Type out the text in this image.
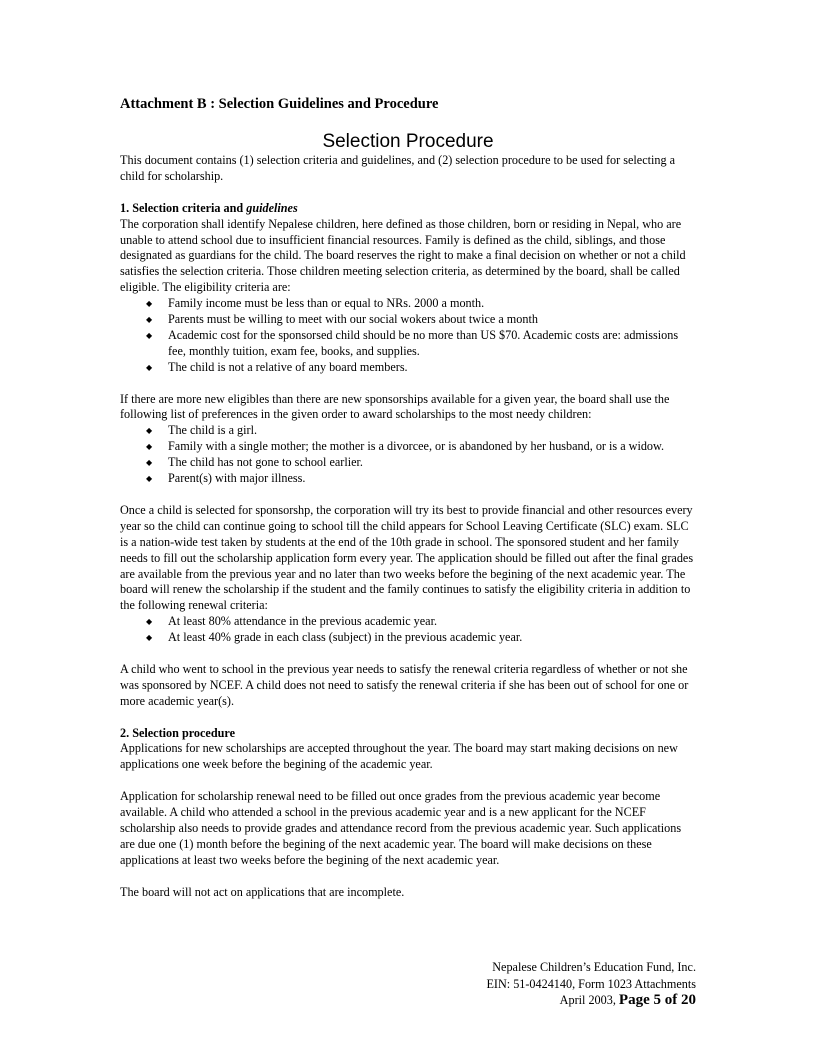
Attachment B : Selection Guidelines and Procedure
Selection Procedure

This document contains (1) selection criteria and guidelines, and (2) selection procedure to be used for selecting a child for scholarship.

1. Selection criteria and guidelines

The corporation shall identify Nepalese children, here defined as those children, born or residing in Nepal, who are unable to attend school due to insufficient financial resources. Family is defined as the child, siblings, and those designated as guardians for the child. The board reserves the right to make a final decision on whether or not a child satisfies the selection criteria. Those children meeting selection criteria, as determined by the board, shall be called eligible. The eligibility criteria are:

◆ Family income must be less than or equal to NRs. 2000 a month.
◆ Parents must be willing to meet with our social wokers about twice a month
◆ Academic cost for the sponsorsed child should be no more than US $70. Academic costs are: admissions fee, monthly tuition, exam fee, books, and supplies.
◆ The child is not a relative of any board members.

If there are more new eligibles than there are new sponsorships available for a given year, the board shall use the following list of preferences in the given order to award scholarships to the most needy children:

◆ The child is a girl.
◆ Family with a single mother; the mother is a divorcee, or is abandoned by her husband, or is a widow.
◆ The child has not gone to school earlier.
◆ Parent(s) with major illness.

Once a child is selected for sponsorshp, the corporation will try its best to provide financial and other resources every year so the child can continue going to school till the child appears for School Leaving Certificate (SLC) exam. SLC is a nation-wide test taken by students at the end of the 10th grade in school. The sponsored student and her family needs to fill out the scholarship application form every year. The application should be filled out after the final grades are available from the previous year and no later than two weeks before the begining of the next academic year. The board will renew the scholarship if the student and the family continues to satisfy the eligibility criteria in addition to the following renewal criteria:

◆ At least 80% attendance in the previous academic year.
◆ At least 40% grade in each class (subject) in the previous academic year.

A child who went to school in the previous year needs to satisfy the renewal criteria regardless of whether or not she was sponsored by NCEF. A child does not need to satisfy the renewal criteria if she has been out of school for one or more academic year(s).

2. Selection procedure

Applications for new scholarships are accepted throughout the year. The board may start making decisions on new applications one week before the begining of the academic year.

Application for scholarship renewal need to be filled out once grades from the previous academic year become available. A child who attended a school in the previous academic year and is a new applicant for the NCEF scholarship also needs to provide grades and attendance record from the previous academic year. Such applications are due one (1) month before the begining of the next academic year. The board will make decisions on these applications at least two weeks before the begining of the next academic year.

The board will not act on applications that are incomplete.

Nepalese Children’s Education Fund, Inc.
EIN: 51-0424140, Form 1023 Attachments
April 2003, Page 5 of 20
